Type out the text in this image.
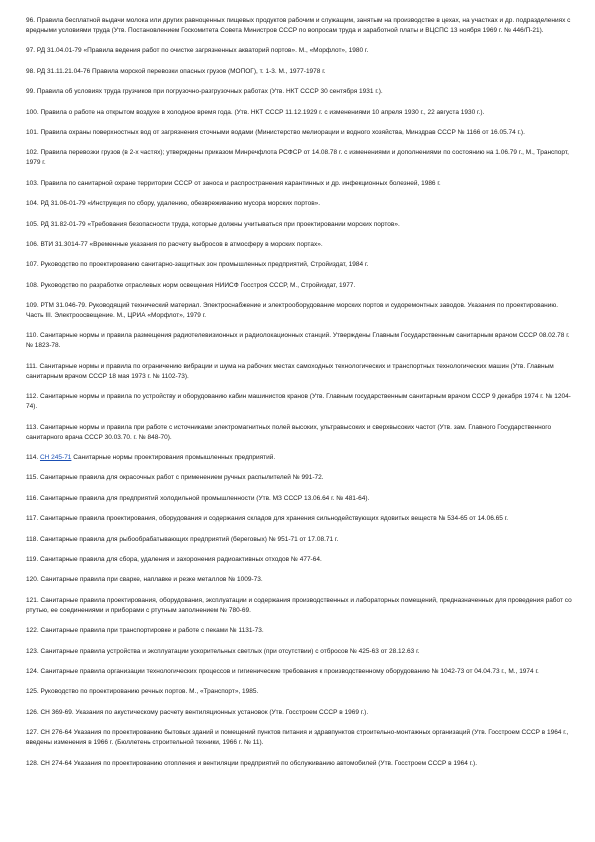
96. Правила бесплатной выдачи молока или других равноценных пищевых продуктов рабочим и служащим, занятым на производстве в цехах, на участках и др. подразделениях с вредными условиями труда (Утв. Постановлением Госкомитета Совета Министров СССР по вопросам труда и заработной платы и ВЦСПС 13 ноября 1969 г. № 446/П-21).

97. РД 31.04.01-79 «Правила ведения работ по очистке загрязненных акваторий портов». М., «Морфлот», 1980 г.

98. РД 31.11.21.04-76 Правила морской перевозки опасных грузов (МОПОГ), т. 1-3. М., 1977-1978 г.

99. Правила об условиях труда грузчиков при погрузочно-разгрузочных работах (Утв. НКТ СССР 30 сентября 1931 г.).

100. Правила о работе на открытом воздухе в холодное время года. (Утв. НКТ СССР 11.12.1929 г. с изменениями 10 апреля 1930 г., 22 августа 1930 г.).

101. Правила охраны поверхностных вод от загрязнения сточными водами (Министерство мелиорации и водного хозяйства, Минздрав СССР № 1166 от 16.05.74 г.).

102. Правила перевозки грузов (в 2-х частях); утверждены приказом Минречфлота РСФСР от 14.08.78 г. с изменениями и дополнениями по состоянию на 1.06.79 г., М., Транспорт, 1979 г.

103. Правила по санитарной охране территории СССР от заноса и распространения карантинных и др. инфекционных болезней, 1986 г.

104. РД 31.06-01-79 «Инструкция по сбору, удалению, обезвреживанию мусора морских портов».

105. РД 31.82-01-79 «Требования безопасности труда, которые должны учитываться при проектировании морских портов».

106. ВТИ 31.3014-77 «Временные указания по расчету выбросов в атмосферу в морских портах».

107. Руководство по проектированию санитарно-защитных зон промышленных предприятий, Стройиздат, 1984 г.

108. Руководство по разработке отраслевых норм освещения НИИСФ Госстроя СССР, М., Стройиздат, 1977.

109. РТМ 31.046-79. Руководящий технический материал. Электроснабжение и электрооборудование морских портов и судоремонтных заводов. Указания по проектированию. Часть III. Электроосвещение. М., ЦРИА «Морфлот», 1979 г.

110. Санитарные нормы и правила размещения радиотелевизионных и радиолокационных станций. Утверждены Главным Государственным санитарным врачом СССР 08.02.78 г. № 1823-78.

111. Санитарные нормы и правила по ограничению вибрации и шума на рабочих местах самоходных технологических и транспортных технологических машин (Утв. Главным санитарным врачом СССР 18 мая 1973 г. № 1102-73).

112. Санитарные нормы и правила по устройству и оборудованию кабин машинистов кранов (Утв. Главным государственным санитарным врачом СССР 9 декабря 1974 г. № 1204-74).

113. Санитарные нормы и правила при работе с источниками электромагнитных полей высоких, ультравысоких и сверхвысоких частот (Утв. зам. Главного Государственного санитарного врача СССР 30.03.70. г. № 848-70).

114. СН 245-71 Санитарные нормы проектирования промышленных предприятий.

115. Санитарные правила для окрасочных работ с применением ручных распылителей № 991-72.

116. Санитарные правила для предприятий холодильной промышленности (Утв. МЗ СССР 13.06.64 г. № 481-64).

117. Санитарные правила проектирования, оборудования и содержания складов для хранения сильнодействующих ядовитых веществ № 534-65 от 14.06.65 г.

118. Санитарные правила для рыбообрабатывающих предприятий (береговых) № 951-71 от 17.08.71 г.

119. Санитарные правила для сбора, удаления и захоронения радиоактивных отходов № 477-64.

120. Санитарные правила при сварке, наплавке и резке металлов № 1009-73.

121. Санитарные правила проектирования, оборудования, эксплуатации и содержания производственных и лабораторных помещений, предназначенных для проведения работ со ртутью, ее соединениями и приборами с ртутным заполнением № 780-69.

122. Санитарные правила при транспортировке и работе с пеками № 1131-73.

123. Санитарные правила устройства и эксплуатации ускорительных светлых (при отсутствии) с отбросов № 425-63 от 28.12.63 г.

124. Санитарные правила организации технологических процессов и гигиенические требования к производственному оборудованию № 1042-73 от 04.04.73 г., М., 1974 г.

125. Руководство по проектированию речных портов. М., «Транспорт», 1985.

126. СН 369-69. Указания по акустическому расчету вентиляционных установок (Утв. Госстроем СССР в 1969 г.).

127. СН 276-64 Указания по проектированию бытовых зданий и помещений пунктов питания и здравпунктов строительно-монтажных организаций (Утв. Госстроем СССР в 1964 г., введены изменения в 1966 г. (Бюллетень строительной техники, 1966 г. № 11).

128. СН 274-64 Указания по проектированию отопления и вентиляции предприятий по обслуживанию автомобилей (Утв. Госстроем СССР в 1964 г.).
